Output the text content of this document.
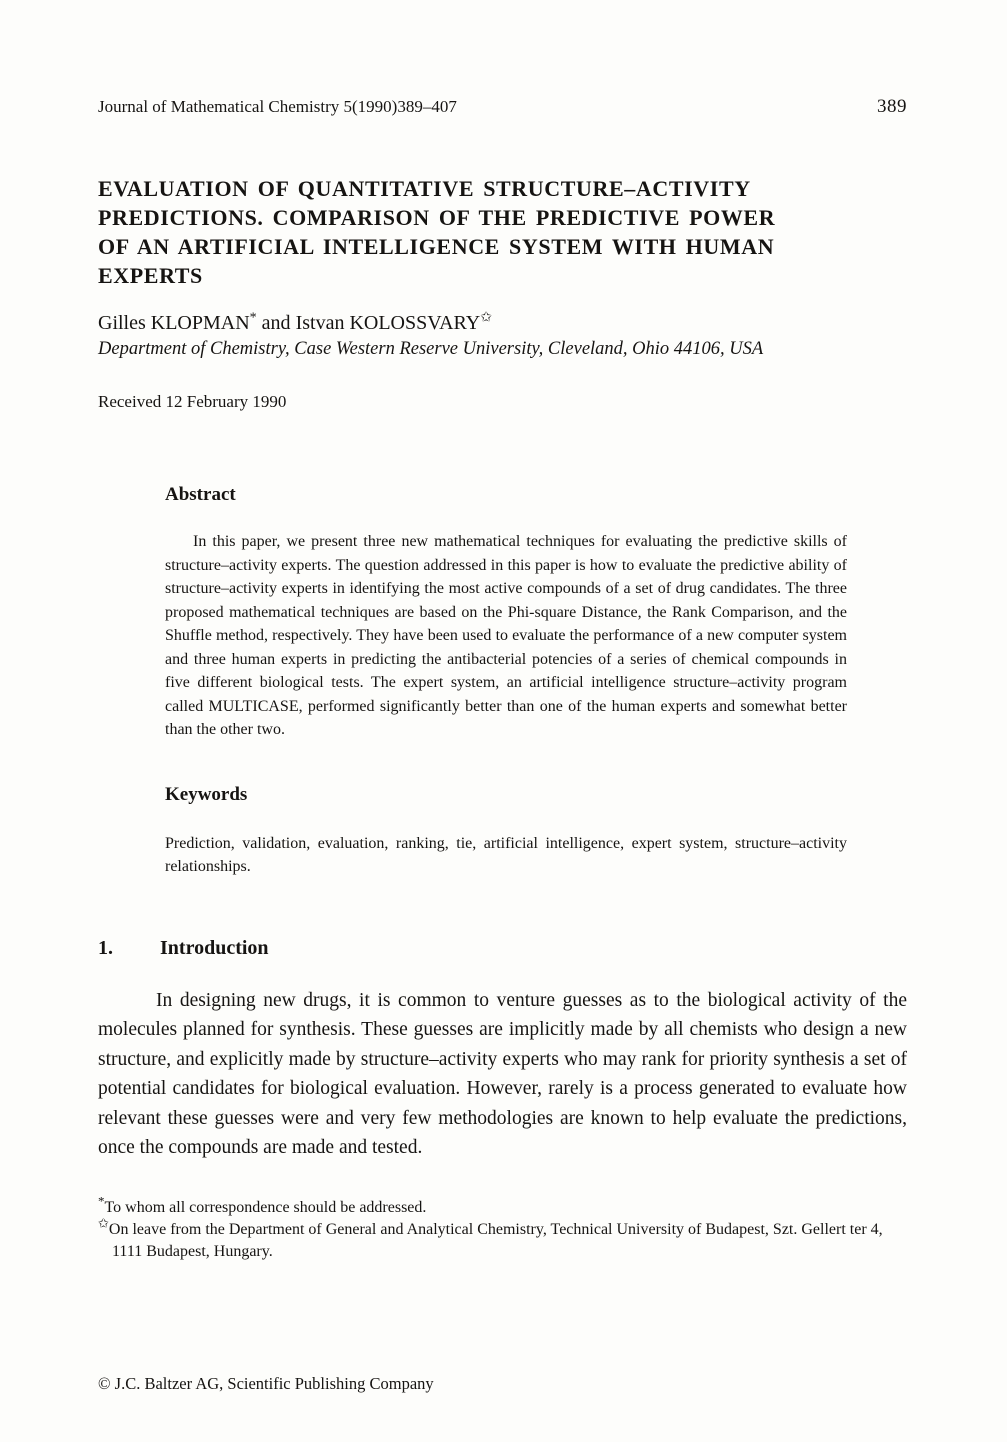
Journal of Mathematical Chemistry 5(1990)389–407	389
EVALUATION OF QUANTITATIVE STRUCTURE–ACTIVITY
PREDICTIONS. COMPARISON OF THE PREDICTIVE POWER
OF AN ARTIFICIAL INTELLIGENCE SYSTEM WITH HUMAN
EXPERTS

Gilles KLOPMAN* and Istvan KOLOSSVARY✩

Department of Chemistry, Case Western Reserve University, Cleveland, Ohio 44106, USA

Received 12 February 1990

Abstract

In this paper, we present three new mathematical techniques for evaluating the predictive skills of structure–activity experts. The question addressed in this paper is how to evaluate the predictive ability of structure–activity experts in identifying the most active compounds of a set of drug candidates. The three proposed mathematical techniques are based on the Phi-square Distance, the Rank Comparison, and the Shuffle method, respectively. They have been used to evaluate the performance of a new computer system and three human experts in predicting the antibacterial potencies of a series of chemical compounds in five different biological tests. The expert system, an artificial intelligence structure–activity program called MULTICASE, performed significantly better than one of the human experts and somewhat better than the other two.

Keywords

Prediction, validation, evaluation, ranking, tie, artificial intelligence, expert system, structure–activity relationships.

1.	Introduction

In designing new drugs, it is common to venture guesses as to the biological activity of the molecules planned for synthesis. These guesses are implicitly made by all chemists who design a new structure, and explicitly made by structure–activity experts who may rank for priority synthesis a set of potential candidates for biological evaluation. However, rarely is a process generated to evaluate how relevant these guesses were and very few methodologies are known to help evaluate the predictions, once the compounds are made and tested.

*To whom all correspondence should be addressed.

✩On leave from the Department of General and Analytical Chemistry, Technical University of Budapest, Szt. Gellert ter 4, 1111 Budapest, Hungary.

© J.C. Baltzer AG, Scientific Publishing Company
